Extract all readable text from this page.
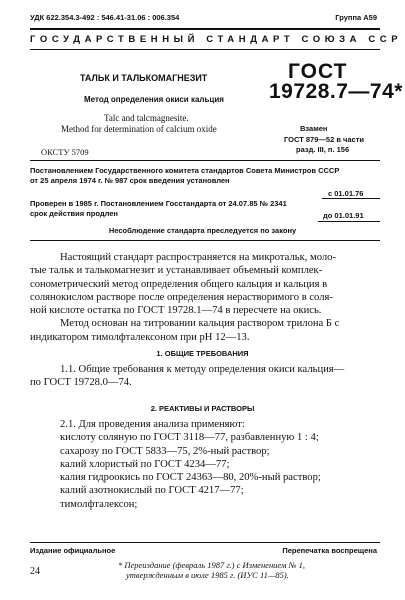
УДК 622.354.3-492 : 546.41-31.06 : 006.354	Группа А59
ГОСУДАРСТВЕННЫЙ СТАНДАРТ СОЮЗА ССР
ТАЛЬК И ТАЛЬКОМАГНЕЗИТ
Метод определения окиси кальция
Talc and talcmagnesite.
Method for determination of calcium oxide
ГОСТ
19728.7—74*
Взамен
ГОСТ 879—52 в части
разд. III, п. 156
ОКСТУ 5709
Постановлением Государственного комитета стандартов Совета Министров СССР
от 25 апреля 1974 г. № 987 срок введения установлен
с 01.01.76
Проверен в 1985 г. Постановлением Госстандарта от 24.07.85 № 2341
срок действия продлен	до 01.01.91
Несоблюдение стандарта преследуется по закону
Настоящий стандарт распространяется на микротальк, моло-
тые тальк и талькомагнезит и устанавливает объемный комплек-
сонометрический метод определения общего кальция и кальция в
солянокислом растворе после определения нерастворимого в соля-
ной кислоте остатка по ГОСТ 19728.1—74 в пересчете на окись.
Метод основан на титровании кальция раствором трилона Б с
индикатором тимолфталексоном при pH 12—13.
1. ОБЩИЕ ТРЕБОВАНИЯ
1.1. Общие требования к методу определения окиси кальция—
по ГОСТ 19728.0—74.
2. РЕАКТИВЫ И РАСТВОРЫ
2.1. Для проведения анализа применяют:
кислоту соляную по ГОСТ 3118—77, разбавленную 1 : 4;
сахарозу по ГОСТ 5833—75, 2%-ный раствор;
калий хлористый по ГОСТ 4234—77;
калия гидроокись по ГОСТ 24363—80, 20%-ный раствор;
калий азотнокислый по ГОСТ 4217—77;
тимолфталексон;
Издание официальное	Перепечатка воспрещена
* Переиздание (февраль 1987 г.) с Изменением № 1,
утвержденным в июле 1985 г. (ИУС 11—85).
24
